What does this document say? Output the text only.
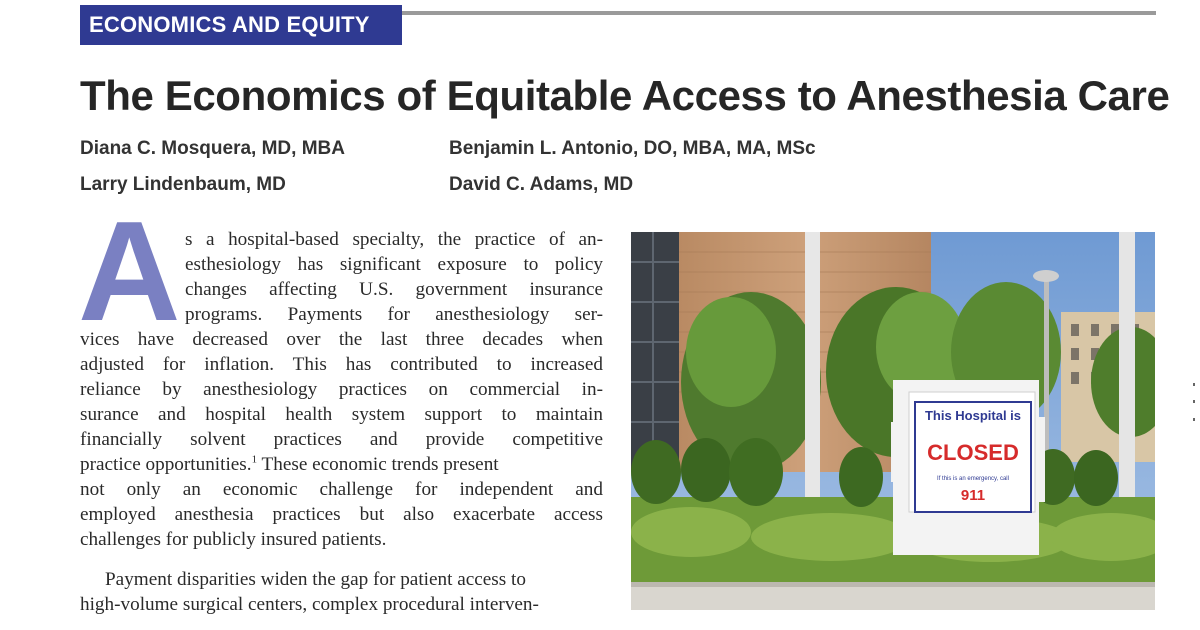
ECONOMICS AND EQUITY
The Economics of Equitable Access to Anesthesia Care
Diana C. Mosquera, MD, MBA
Larry Lindenbaum, MD
Benjamin L. Antonio, DO, MBA, MA, MSc
David C. Adams, MD
A s a hospital-based specialty, the practice of an-
esthesiology has significant exposure to policy
changes affecting U.S. government insurance
programs. Payments for anesthesiology ser-
vices have decreased over the last three decades when
adjusted for inflation. This has contributed to increased
reliance by anesthesiology practices on commercial in-
surance and hospital health system support to maintain
financially solvent practices and provide competitive
practice opportunities.$^1$ These economic trends present
not only an economic challenge for independent and
employed anesthesia practices but also exacerbate access
challenges for publicly insured patients.
Payment disparities widen the gap for patient access to
high-volume surgical centers, complex procedural interven-
This Hospital is
CLOSED
If this is an emergency, call
911
